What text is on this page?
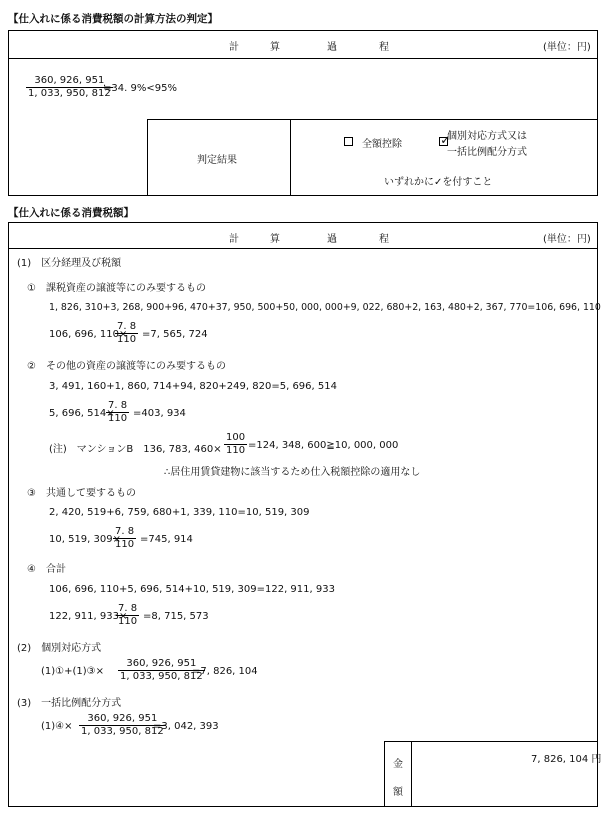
【仕入れに係る消費税額の計算方法の判定】
計	算	過	程	(単位：円)
$\frac{360, 926, 951}{1, 033, 950, 812}$
≒34. 9%<95%
判定結果

全額控除
✓
個別対応方式又は
一括比例配分方式
いずれかに✓を付すこと
【仕入れに係る消費税額】
計	算	過	程	(単位：円)
(1)　区分経理及び税額
①　課税資産の譲渡等にのみ要するもの
1, 826, 310+3, 268, 900+96, 470+37, 950, 500+50, 000, 000+9, 022, 680+2, 163, 480+2, 367, 770=106, 696, 110
106, 696, 110×
$\frac{7. 8}{110} =7$, 565, 724
②　その他の資産の譲渡等にのみ要するもの
3, 491, 160+1, 860, 714+94, 820+249, 820=5, 696, 514
5, 696, 514×
$\frac{7. 8}{110} =403$, 934
(注)　マンションB　136, 783, $460\times \frac{100}{110} =124$, 348, 600≧10, 000, 000
∴居住用賃貸建物に該当するため仕入税額控除の適用なし
③　共通して要するもの
2, 420, 519+6, 759, 680+1, 339, 110=10, 519, 309
10, 519, 309×
$\frac{7. 8}{110} =745$, 914
④　合計
106, 696, 110+5, 696, 514+10, 519, 309=122, 911, 933
122, 911, 933×
$\frac{7. 8}{110} =8$, 715, 573
(2)　個別対応方式
(1)①+(1)③× $\frac{360, 926, 951}{1, 033, 950, 812}$
=7, 826, 104
(3)　一括比例配分方式
(1)④× $\frac{360, 926, 951}{1, 033, 950, 812}$
=3, 042, 393
金
額
7, 826, 104 円
